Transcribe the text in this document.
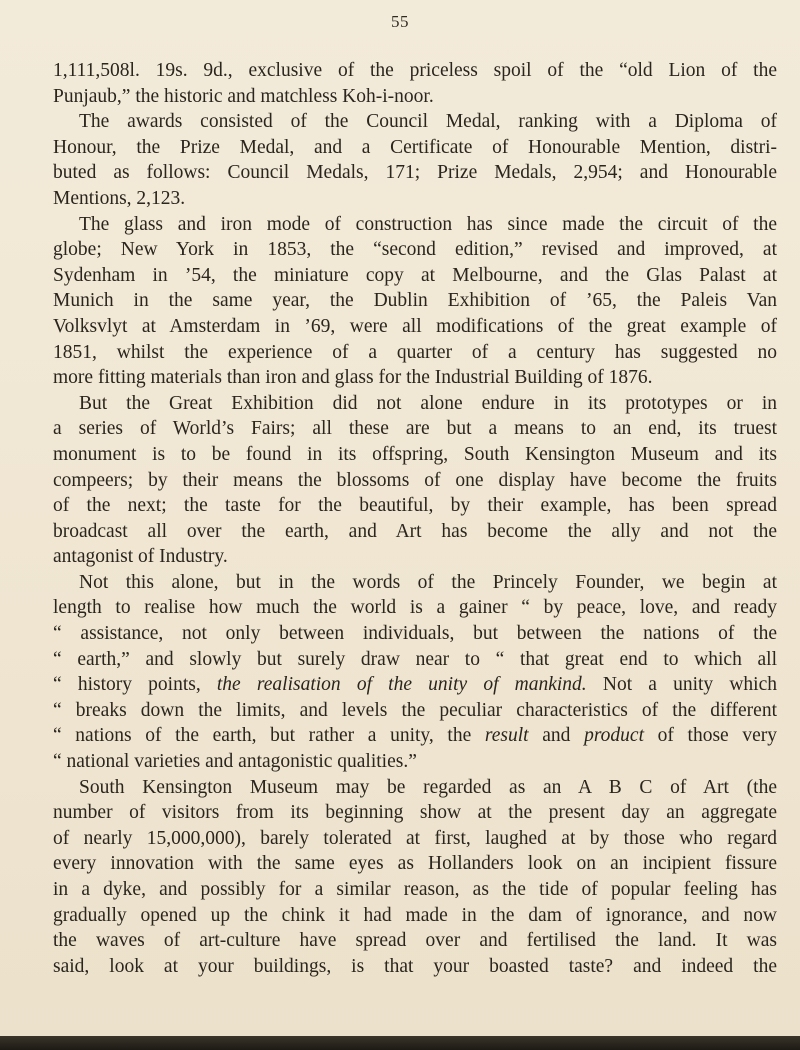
55
1,111,508l. 19s. 9d., exclusive of the priceless spoil of the “old Lion of the
Punjaub,” the historic and matchless Koh-i-noor.
The awards consisted of the Council Medal, ranking with a Diploma of
Honour, the Prize Medal, and a Certificate of Honourable Mention, distri-
buted as follows: Council Medals, 171; Prize Medals, 2,954; and Honourable
Mentions, 2,123.
The glass and iron mode of construction has since made the circuit of the
globe; New York in 1853, the “second edition,” revised and improved, at
Sydenham in ’54, the miniature copy at Melbourne, and the Glas Palast at
Munich in the same year, the Dublin Exhibition of ’65, the Paleis Van
Volksvlyt at Amsterdam in ’69, were all modifications of the great example of
1851, whilst the experience of a quarter of a century has suggested no
more fitting materials than iron and glass for the Industrial Building of 1876.
But the Great Exhibition did not alone endure in its prototypes or in
a series of World’s Fairs; all these are but a means to an end, its truest
monument is to be found in its offspring, South Kensington Museum and its
compeers; by their means the blossoms of one display have become the fruits
of the next; the taste for the beautiful, by their example, has been spread
broadcast all over the earth, and Art has become the ally and not the
antagonist of Industry.
Not this alone, but in the words of the Princely Founder, we begin at
length to realise how much the world is a gainer “ by peace, love, and ready
“ assistance, not only between individuals, but between the nations of the
“ earth,” and slowly but surely draw near to “ that great end to which all
“ history points, the realisation of the unity of mankind. Not a unity which
“ breaks down the limits, and levels the peculiar characteristics of the different
“ nations of the earth, but rather a unity, the result and product of those very
“ national varieties and antagonistic qualities.”
South Kensington Museum may be regarded as an A B C of Art (the
number of visitors from its beginning show at the present day an aggregate
of nearly 15,000,000), barely tolerated at first, laughed at by those who regard
every innovation with the same eyes as Hollanders look on an incipient fissure
in a dyke, and possibly for a similar reason, as the tide of popular feeling has
gradually opened up the chink it had made in the dam of ignorance, and now
the waves of art-culture have spread over and fertilised the land. It was
said, look at your buildings, is that your boasted taste? and indeed the
